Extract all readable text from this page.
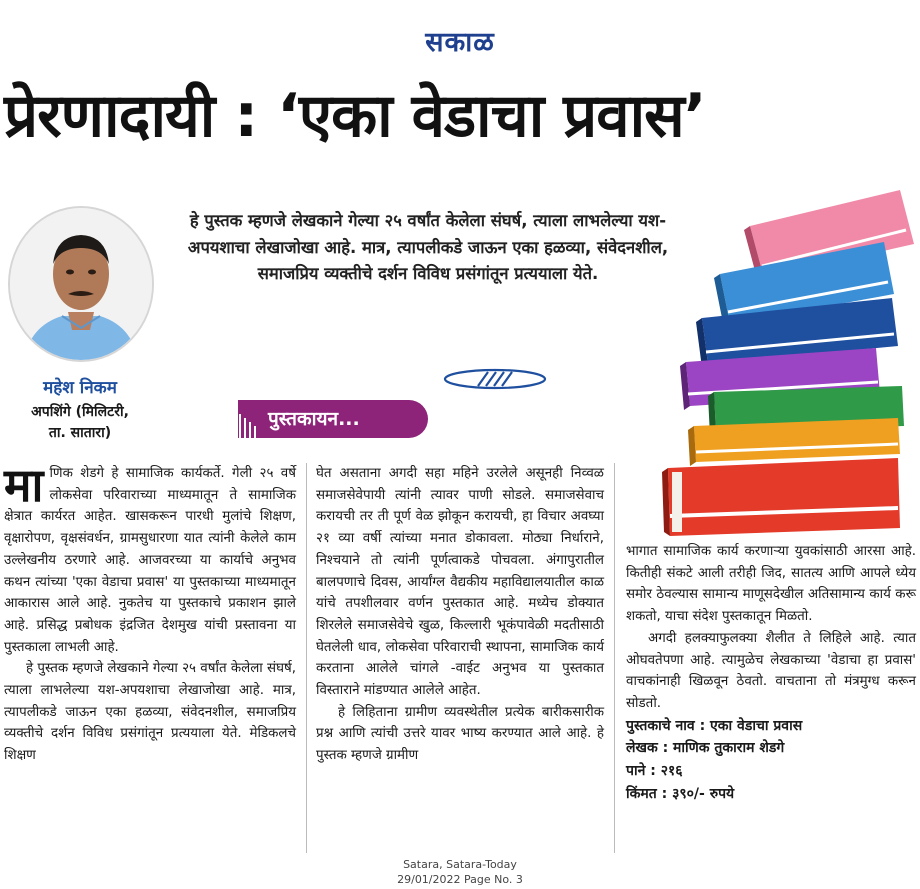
सकाळ
प्रेरणादायी : ‘एका वेडाचा प्रवास’
महेश निकम
अपशिंगे (मिलिटरी,
ता. सातारा)
हे पुस्तक म्हणजे लेखकाने गेल्या २५ वर्षांत केलेला संघर्ष, त्याला लाभलेल्या यश-अपयशाचा लेखाजोखा आहे. मात्र, त्यापलीकडे जाऊन एका हळव्या, संवेदनशील, समाजप्रिय व्यक्तीचे दर्शन विविध प्रसंगांतून प्रत्ययाला येते.
पुस्तकायन...

माणिक शेडगे हे सामाजिक कार्यकर्ते. गेली २५ वर्षे लोकसेवा परिवाराच्या माध्यमातून ते सामाजिक क्षेत्रात कार्यरत आहेत. खासकरून पारधी मुलांचे शिक्षण, वृक्षारोपण, वृक्षसंवर्धन, ग्रामसुधारणा यात त्यांनी केलेले काम उल्लेखनीय ठरणारे आहे. आजवरच्या या कार्याचे अनुभव कथन त्यांच्या 'एका वेडाचा प्रवास' या पुस्तकाच्या माध्यमातून आकारास आले आहे. नुकतेच या पुस्तकाचे प्रकाशन झाले आहे. प्रसिद्ध प्रबोधक इंद्रजित देशमुख यांची प्रस्तावना या पुस्तकाला लाभली आहे.

हे पुस्तक म्हणजे लेखकाने गेल्या २५ वर्षांत केलेला संघर्ष, त्याला लाभलेल्या यश-अपयशाचा लेखाजोखा आहे. मात्र, त्यापलीकडे जाऊन एका हळव्या, संवेदनशील, समाजप्रिय व्यक्तीचे दर्शन विविध प्रसंगांतून प्रत्ययाला येते. मेडिकलचे शिक्षण

घेत असताना अगदी सहा महिने उरलेले असूनही निव्वळ समाजसेवेपायी त्यांनी त्यावर पाणी सोडले. समाजसेवाच करायची तर ती पूर्ण वेळ झोकून करायची, हा विचार अवघ्या २१ व्या वर्षी त्यांच्या मनात डोकावला. मोठ्या निर्धाराने, निश्चयाने तो त्यांनी पूर्णत्वाकडे पोचवला. अंगापुरातील बालपणाचे दिवस, आर्यांग्ल वैद्यकीय महाविद्यालयातील काळ यांचे तपशीलवार वर्णन पुस्तकात आहे. मध्येच डोक्यात शिरलेले समाजसेवेचे खुळ, किल्लारी भूकंपावेळी मदतीसाठी घेतलेली धाव, लोकसेवा परिवाराची स्थापना, सामाजिक कार्य करताना आलेले चांगले -वाईट अनुभव या पुस्तकात विस्ताराने मांडण्यात आलेले आहेत.

हे लिहिताना ग्रामीण व्यवस्थेतील प्रत्येक बारीकसारीक प्रश्न आणि त्यांची उत्तरे यावर भाष्य करण्यात आले आहे. हे पुस्तक म्हणजे ग्रामीण

भागात सामाजिक कार्य करणाऱ्या युवकांसाठी आरसा आहे. कितीही संकटे आली तरीही जिद, सातत्य आणि आपले ध्येय समोर ठेवल्यास सामान्य माणूसदेखील अतिसामान्य कार्य करू शकतो, याचा संदेश पुस्तकातून मिळतो.

अगदी हलक्याफुलक्या शैलीत ते लिहिले आहे. त्यात ओघवतेपणा आहे. त्यामुळेच लेखकाच्या 'वेडाचा हा प्रवास' वाचकांनाही खिळवून ठेवतो. वाचताना तो मंत्रमुग्ध करून सोडतो.

पुस्तकाचे नाव : एका वेडाचा प्रवास

लेखक : माणिक तुकाराम शेडगे

पाने : २१६

किंमत : ३९०/- रुपये

Satara, Satara-Today
29/01/2022 Page No. 3
